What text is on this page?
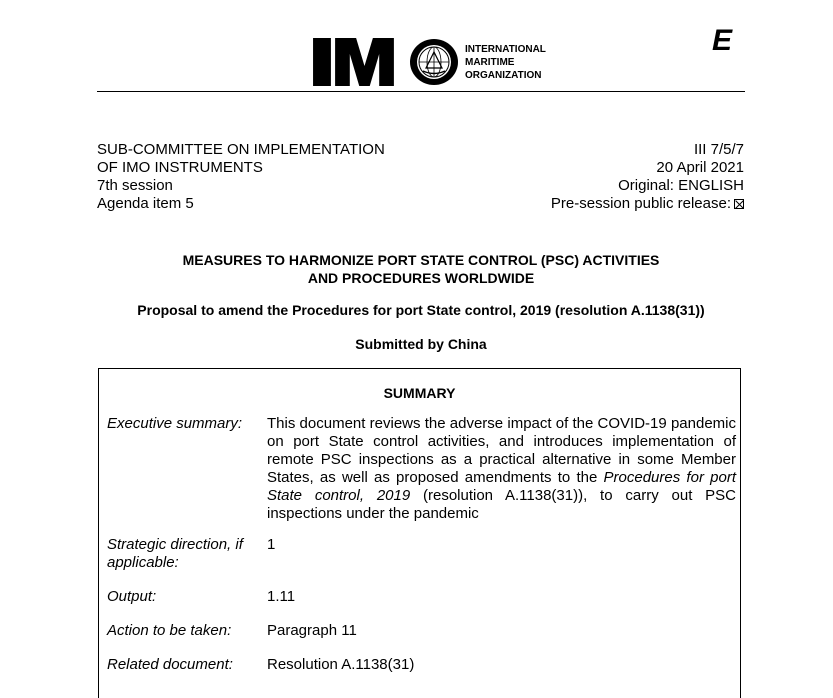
INTERNATIONAL
MARITIME
ORGANIZATION
E
SUB-COMMITTEE ON IMPLEMENTATION
OF IMO INSTRUMENTS
7th session
Agenda item 5
III 7/5/7
20 April 2021
Original: ENGLISH
Pre-session public release:
MEASURES TO HARMONIZE PORT STATE CONTROL (PSC) ACTIVITIES
AND PROCEDURES WORLDWIDE
Proposal to amend the Procedures for port State control, 2019 (resolution A.1138(31))
Submitted by China
SUMMARY
Executive summary:	This document reviews the adverse impact of the COVID-19 pandemic on port State control activities, and introduces implementation of remote PSC inspections as a practical alternative in some Member States, as well as proposed amendments to the Procedures for port State control, 2019 (resolution A.1138(31)), to carry out PSC inspections under the pandemic
Strategic direction, if applicable:
1
Output:	1.11
Action to be taken:	Paragraph 11
Related document:	Resolution A.1138(31)
